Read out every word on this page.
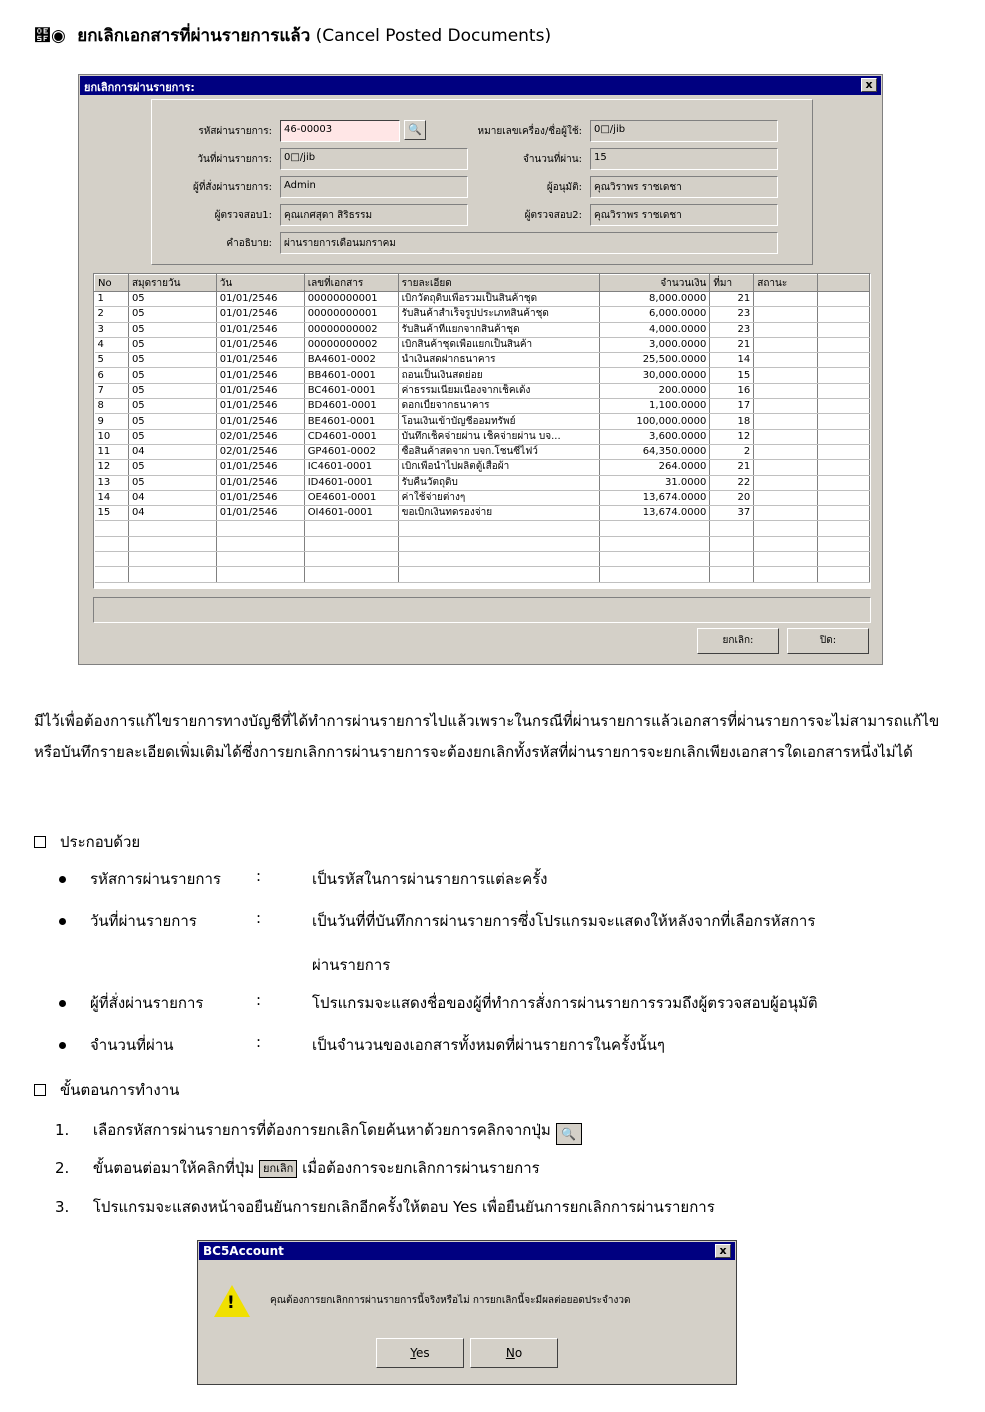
๟◉ ยกเลิกเอกสารที่ผ่านรายการแล้ว (Cancel Posted Documents)
ยกเลิกการผ่านรายการ:	x
รหัสผ่านรายการ:	46-00003	🔍	หมายเลขเครื่อง/ชื่อผู้ใช้:	0□/jib
วันที่ผ่านรายการ:	0□/jib	จำนวนที่ผ่าน:	15
ผู้ที่สั่งผ่านรายการ:	Admin	ผู้อนุมัติ:	คุณวิราพร ราชเดชา
ผู้ตรวจสอบ1:	คุณเกศสุดา สิริธรรม	ผู้ตรวจสอบ2:	คุณวิราพร ราชเดชา
คำอธิบาย:	ผ่านรายการเดือนมกราคม
No	สมุดรายวัน	วัน	เลขที่เอกสาร	รายละเอียด	จำนวนเงิน	ที่มา	สถานะ	
1	05	01/01/2546	00000000001	เบิกวัตถุดิบเพื่อรวมเป็นสินค้าชุด	8,000.0000	21		
2	05	01/01/2546	00000000001	รับสินค้าสำเร็จรูปประเภทสินค้าชุด	6,000.0000	23		
3	05	01/01/2546	00000000002	รับสินค้าที่แยกจากสินค้าชุด	4,000.0000	23		
4	05	01/01/2546	00000000002	เบิกสินค้าชุดเพื่อแยกเป็นสินค้า	3,000.0000	21		
5	05	01/01/2546	BA4601-0002	นำเงินสดฝากธนาคาร	25,500.0000	14		
6	05	01/01/2546	BB4601-0001	ถอนเป็นเงินสดย่อย	30,000.0000	15		
7	05	01/01/2546	BC4601-0001	ค่าธรรมเนียมเนื่องจากเช็คเด้ง	200.0000	16		
8	05	01/01/2546	BD4601-0001	ดอกเบี้ยจากธนาคาร	1,100.0000	17		
9	05	01/01/2546	BE4601-0001	โอนเงินเข้าบัญชีออมทรัพย์	100,000.0000	18		
10	05	02/01/2546	CD4601-0001	บันทึกเช็คจ่ายผ่าน เช็คจ่ายผ่าน บจ...	3,600.0000	12		
11	04	02/01/2546	GP4601-0002	ซื้อสินค้าสดจาก บจก.โชนซีไฟว์	64,350.0000	2		
12	05	01/01/2546	IC4601-0001	เบิกเพื่อนำไปผลิตตู้เสื้อผ้า	264.0000	21		
13	05	01/01/2546	ID4601-0001	รับคืนวัตถุดิบ	31.0000	22		
14	04	01/01/2546	OE4601-0001	ค่าใช้จ่ายต่างๆ	13,674.0000	20		
15	04	01/01/2546	OI4601-0001	ขอเบิกเงินทดรองจ่าย	13,674.0000	37		

ยกเลิก:	ปิด:
มีไว้เพื่อต้องการแก้ไขรายการทางบัญชีที่ได้ทำการผ่านรายการไปแล้วเพราะในกรณีที่ผ่านรายการแล้วเอกสารที่ผ่านรายการจะไม่สามารถแก้ไขหรือบันทึกรายละเอียดเพิ่มเติมได้ซึ่งการยกเลิกการผ่านรายการจะต้องยกเลิกทั้งรหัสที่ผ่านรายการจะยกเลิกเพียงเอกสารใดเอกสารหนึ่งไม่ได้
ประกอบด้วย
รหัสการผ่านรายการ :	เป็นรหัสในการผ่านรายการแต่ละครั้ง
วันที่ผ่านรายการ	:	เป็นวันที่ที่บันทึกการผ่านรายการซึ่งโปรแกรมจะแสดงให้หลังจากที่เลือกรหัสการ
ผ่านรายการ
ผู้ที่สั่งผ่านรายการ	:	โปรแกรมจะแสดงชื่อของผู้ที่ทำการสั่งการผ่านรายการรวมถึงผู้ตรวจสอบผู้อนุมัติ
จำนวนที่ผ่าน	:	เป็นจำนวนของเอกสารทั้งหมดที่ผ่านรายการในครั้งนั้นๆ
ขั้นตอนการทำงาน
1. เลือกรหัสการผ่านรายการที่ต้องการยกเลิกโดยค้นหาด้วยการคลิกจากปุ่ม 🔍
2. ขั้นตอนต่อมาให้คลิกที่ปุ่ม ยกเลิก เมื่อต้องการจะยกเลิกการผ่านรายการ
3. โปรแกรมจะแสดงหน้าจอยืนยันการยกเลิกอีกครั้งให้ตอบ Yes เพื่อยืนยันการยกเลิกการผ่านรายการ
BC5Account	x
!	คุณต้องการยกเลิกการผ่านรายการนี้จริงหรือไม่ การยกเลิกนี้จะมีผลต่อยอดประจำงวด
Yes	No
